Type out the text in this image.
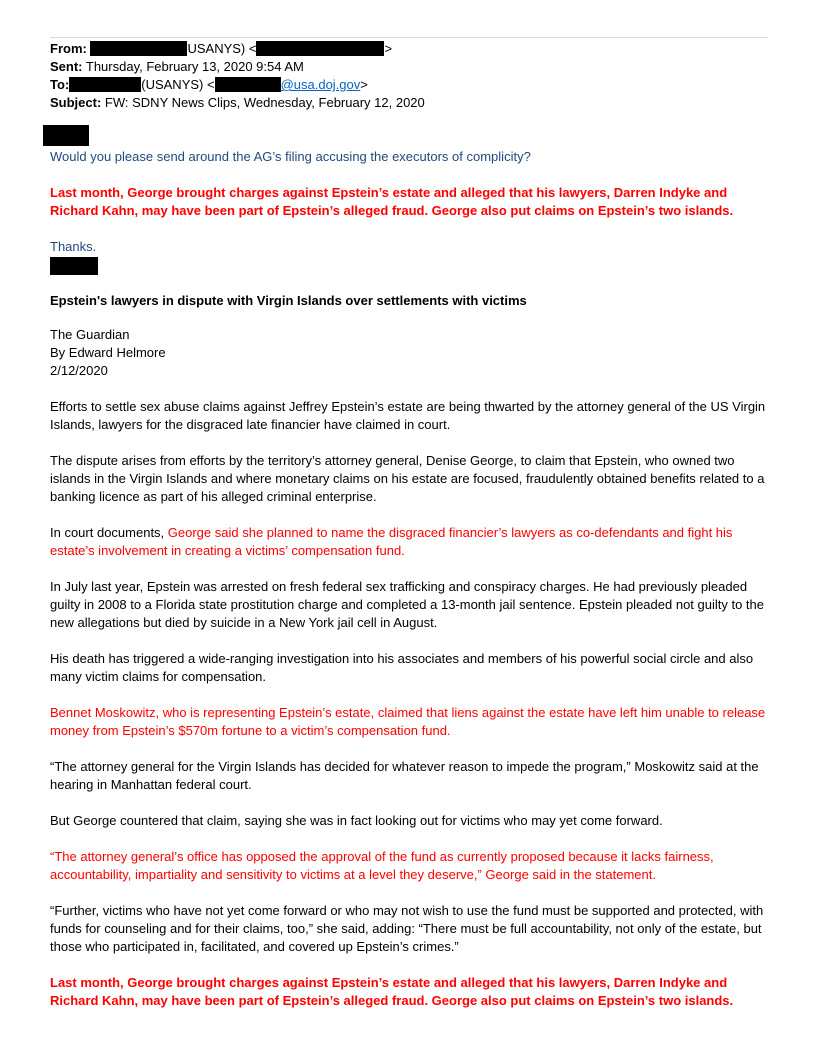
From:	USANYS) <	>
Sent: Thursday, February 13, 2020 9:54 AM
To:	(USANYS) <	@usa.doj.gov>
Subject: FW: SDNY News Clips, Wednesday, February 12, 2020
Would you please send around the AG’s filing accusing the executors of complicity?
Last month, George brought charges against Epstein’s estate and alleged that his lawyers, Darren Indyke and Richard Kahn, may have been part of Epstein’s alleged fraud. George also put claims on Epstein’s two islands.
Thanks.
Epstein's lawyers in dispute with Virgin Islands over settlements with victims
The Guardian
By Edward Helmore
2/12/2020
Efforts to settle sex abuse claims against Jeffrey Epstein’s estate are being thwarted by the attorney general of the US Virgin Islands, lawyers for the disgraced late financier have claimed in court.
The dispute arises from efforts by the territory’s attorney general, Denise George, to claim that Epstein, who owned two islands in the Virgin Islands and where monetary claims on his estate are focused, fraudulently obtained benefits related to a banking licence as part of his alleged criminal enterprise.
In court documents, George said she planned to name the disgraced financier’s lawyers as co-defendants and fight his estate’s involvement in creating a victims’ compensation fund.
In July last year, Epstein was arrested on fresh federal sex trafficking and conspiracy charges. He had previously pleaded guilty in 2008 to a Florida state prostitution charge and completed a 13-month jail sentence. Epstein pleaded not guilty to the new allegations but died by suicide in a New York jail cell in August.
His death has triggered a wide-ranging investigation into his associates and members of his powerful social circle and also many victim claims for compensation.
Bennet Moskowitz, who is representing Epstein’s estate, claimed that liens against the estate have left him unable to release money from Epstein’s $570m fortune to a victim’s compensation fund.
“The attorney general for the Virgin Islands has decided for whatever reason to impede the program,” Moskowitz said at the hearing in Manhattan federal court.
But George countered that claim, saying she was in fact looking out for victims who may yet come forward.
“The attorney general’s office has opposed the approval of the fund as currently proposed because it lacks fairness, accountability, impartiality and sensitivity to victims at a level they deserve,” George said in the statement.
“Further, victims who have not yet come forward or who may not wish to use the fund must be supported and protected, with funds for counseling and for their claims, too,” she said, adding: “There must be full accountability, not only of the estate, but those who participated in, facilitated, and covered up Epstein’s crimes.”
Last month, George brought charges against Epstein’s estate and alleged that his lawyers, Darren Indyke and Richard Kahn, may have been part of Epstein’s alleged fraud. George also put claims on Epstein’s two islands.
